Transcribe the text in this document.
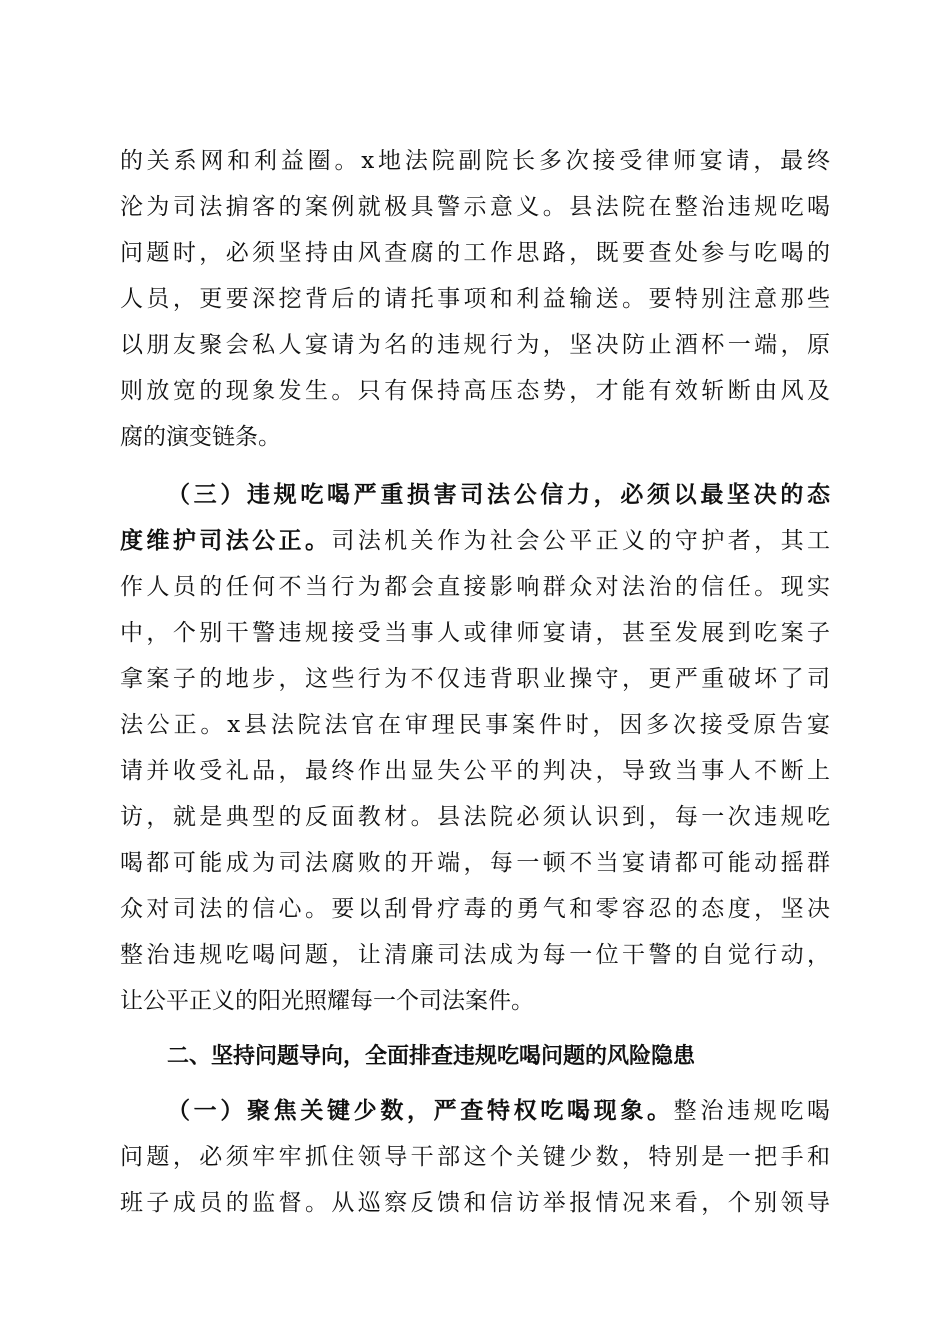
的关系网和利益圈。x地法院副院长多次接受律师宴请，最终
沦为司法掮客的案例就极具警示意义。县法院在整治违规吃喝
问题时，必须坚持由风查腐的工作思路，既要查处参与吃喝的
人员，更要深挖背后的请托事项和利益输送。要特别注意那些
以朋友聚会私人宴请为名的违规行为，坚决防止酒杯一端，原
则放宽的现象发生。只有保持高压态势，才能有效斩断由风及
腐的演变链条。
（三）违规吃喝严重损害司法公信力，必须以最坚决的态
度维护司法公正。司法机关作为社会公平正义的守护者，其工
作人员的任何不当行为都会直接影响群众对法治的信任。现实
中，个别干警违规接受当事人或律师宴请，甚至发展到吃案子
拿案子的地步，这些行为不仅违背职业操守，更严重破坏了司
法公正。x县法院法官在审理民事案件时，因多次接受原告宴
请并收受礼品，最终作出显失公平的判决，导致当事人不断上
访，就是典型的反面教材。县法院必须认识到，每一次违规吃
喝都可能成为司法腐败的开端，每一顿不当宴请都可能动摇群
众对司法的信心。要以刮骨疗毒的勇气和零容忍的态度，坚决
整治违规吃喝问题，让清廉司法成为每一位干警的自觉行动，
让公平正义的阳光照耀每一个司法案件。
二、坚持问题导向，全面排查违规吃喝问题的风险隐患
（一）聚焦关键少数，严查特权吃喝现象。整治违规吃喝
问题，必须牢牢抓住领导干部这个关键少数，特别是一把手和
班子成员的监督。从巡察反馈和信访举报情况来看，个别领导
